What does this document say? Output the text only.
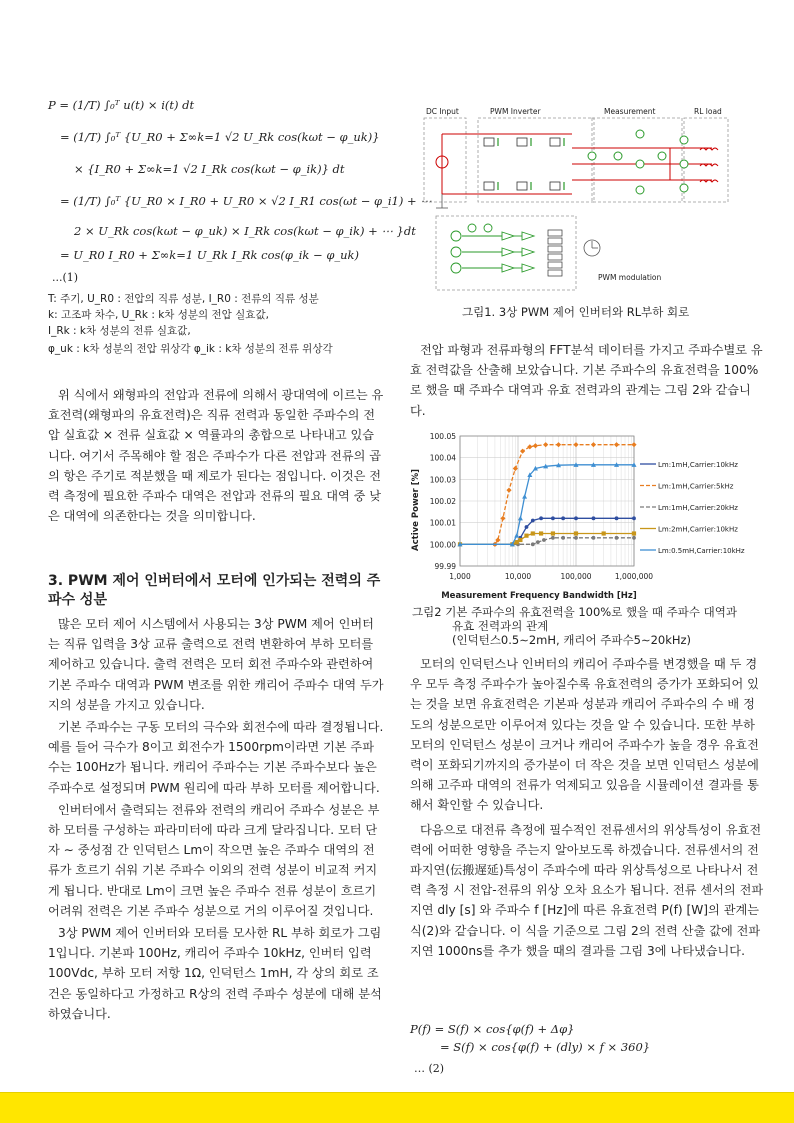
P = (1/T) ∫₀ᵀ u(t) × i(t) dt
= (1/T) ∫₀ᵀ {U_R0 + Σ∞k=1 √2 U_Rk cos(kωt − φ_uk)}
× {I_R0 + Σ∞k=1 √2 I_Rk cos(kωt − φ_ik)} dt
= (1/T) ∫₀ᵀ {U_R0 × I_R0 + U_R0 × √2 I_R1 cos(ωt − φ_i1) + ⋯
2 × U_Rk cos(kωt − φ_uk) × I_Rk cos(kωt − φ_ik) + ⋯ }dt
= U_R0 I_R0 + Σ∞k=1 U_Rk I_Rk cos(φ_ik − φ_uk)
...(1)
T: 주기, U_R0 : 전압의 직류 성분, I_R0 : 전류의 직류 성분
k: 고조파 차수, U_Rk : k차 성분의 전압 실효값,
I_Rk : k차 성분의 전류 실효값,
φ_uk : k차 성분의 전압 위상각 φ_ik : k차 성분의 전류 위상각

위 식에서 왜형파의 전압과 전류에 의해서 광대역에 이르는 유효전력(왜형파의 유효전력)은 직류 전력과 동일한 주파수의 전압 실효값 × 전류 실효값 × 역률과의 총합으로 나타내고 있습니다. 여기서 주목해야 할 점은 주파수가 다른 전압과 전류의 곱의 항은 주기로 적분했을 때 제로가 된다는 점입니다. 이것은 전력 측정에 필요한 주파수 대역은 전압과 전류의 필요 대역 중 낮은 대역에 의존한다는 것을 의미합니다.

3. PWM 제어 인버터에서 모터에 인가되는 전력의 주파수 성분

많은 모터 제어 시스템에서 사용되는 3상 PWM 제어 인버터는 직류 입력을 3상 교류 출력으로 전력 변환하여 부하 모터를 제어하고 있습니다. 출력 전력은 모터 회전 주파수와 관련하여 기본 주파수 대역과 PWM 변조를 위한 캐리어 주파수 대역 두가지의 성분을 가지고 있습니다.

기본 주파수는 구동 모터의 극수와 회전수에 따라 결정됩니다. 예를 들어 극수가 8이고 회전수가 1500rpm이라면 기본 주파수는 100Hz가 됩니다. 캐리어 주파수는 기본 주파수보다 높은 주파수로 설정되며 PWM 원리에 따라 부하 모터를 제어합니다.

인버터에서 출력되는 전류와 전력의 캐리어 주파수 성분은 부하 모터를 구성하는 파라미터에 따라 크게 달라집니다. 모터 단자 ∼ 중성점 간 인덕턴스 Lm이 작으면 높은 주파수 대역의 전류가 흐르기 쉬워 기본 주파수 이외의 전력 성분이 비교적 커지게 됩니다. 반대로 Lm이 크면 높은 주파수 전류 성분이 흐르기 어려워 전력은 기본 주파수 성분으로 거의 이루어질 것입니다.

3상 PWM 제어 인버터와 모터를 모사한 RL 부하 회로가 그림 1입니다. 기본파 100Hz, 캐리어 주파수 10kHz, 인버터 입력 100Vdc, 부하 모터 저항 1Ω, 인덕턴스 1mH, 각 상의 회로 조건은 동일하다고 가정하고 R상의 전력 주파수 성분에 대해 분석하였습니다.

DC Input	PWM Inverter	Measurement	RL load
PWM modulation
그림1. 3상 PWM 제어 인버터와 RL부하 회로

전압 파형과 전류파형의 FFT분석 데이터를 가지고 주파수별로 유효 전력값을 산출해 보았습니다. 기본 주파수의 유효전력을 100%로 했을 때 주파수 대역과 유효 전력과의 관계는 그림 2와 같습니다.

99.99
100.00
100.01
100.02
100.03
100.04
100.05
1,000	10,000	100,000	1,000,000
Lm:1mH,Carrier:10kHz
Lm:1mH,Carrier:5kHz
Lm:1mH,Carrier:20kHz
Lm:2mH,Carrier:10kHz
Lm:0.5mH,Carrier:10kHz
Active Power [%]
Measurement Frequency Bandwidth [Hz]
그림2 기본 주파수의 유효전력을 100%로 했을 때 주파수 대역과
유효 전력과의 관계
(인덕턴스0.5∼2mH, 캐리어 주파수5∼20kHz)

모터의 인덕턴스나 인버터의 캐리어 주파수를 변경했을 때 두 경우 모두 측정 주파수가 높아질수록 유효전력의 증가가 포화되어 있는 것을 보면 유효전력은 기본파 성분과 캐리어 주파수의 수 배 정도의 성분으로만 이루어져 있다는 것을 알 수 있습니다. 또한 부하 모터의 인덕턴스 성분이 크거나 캐리어 주파수가 높을 경우 유효전력이 포화되기까지의 증가분이 더 작은 것을 보면 인덕턴스 성분에 의해 고주파 대역의 전류가 억제되고 있음을 시뮬레이션 결과를 통해서 확인할 수 있습니다.

다음으로 대전류 측정에 필수적인 전류센서의 위상특성이 유효전력에 어떠한 영향을 주는지 알아보도록 하겠습니다. 전류센서의 전파지연(伝搬遅延)특성이 주파수에 따라 위상특성으로 나타나서 전력 측정 시 전압-전류의 위상 오차 요소가 됩니다. 전류 센서의 전파지연 dly [s] 와 주파수 f [Hz]에 따른 유효전력 P(f) [W]의 관계는 식(2)와 같습니다. 이 식을 기준으로 그림 2의 전력 산출 값에 전파지연 1000ns를 추가 했을 때의 결과를 그림 3에 나타냈습니다.

P(f) = S(f) × cos{φ(f) + Δφ}
= S(f) × cos{φ(f) + (dly) × f × 360}
… (2)
